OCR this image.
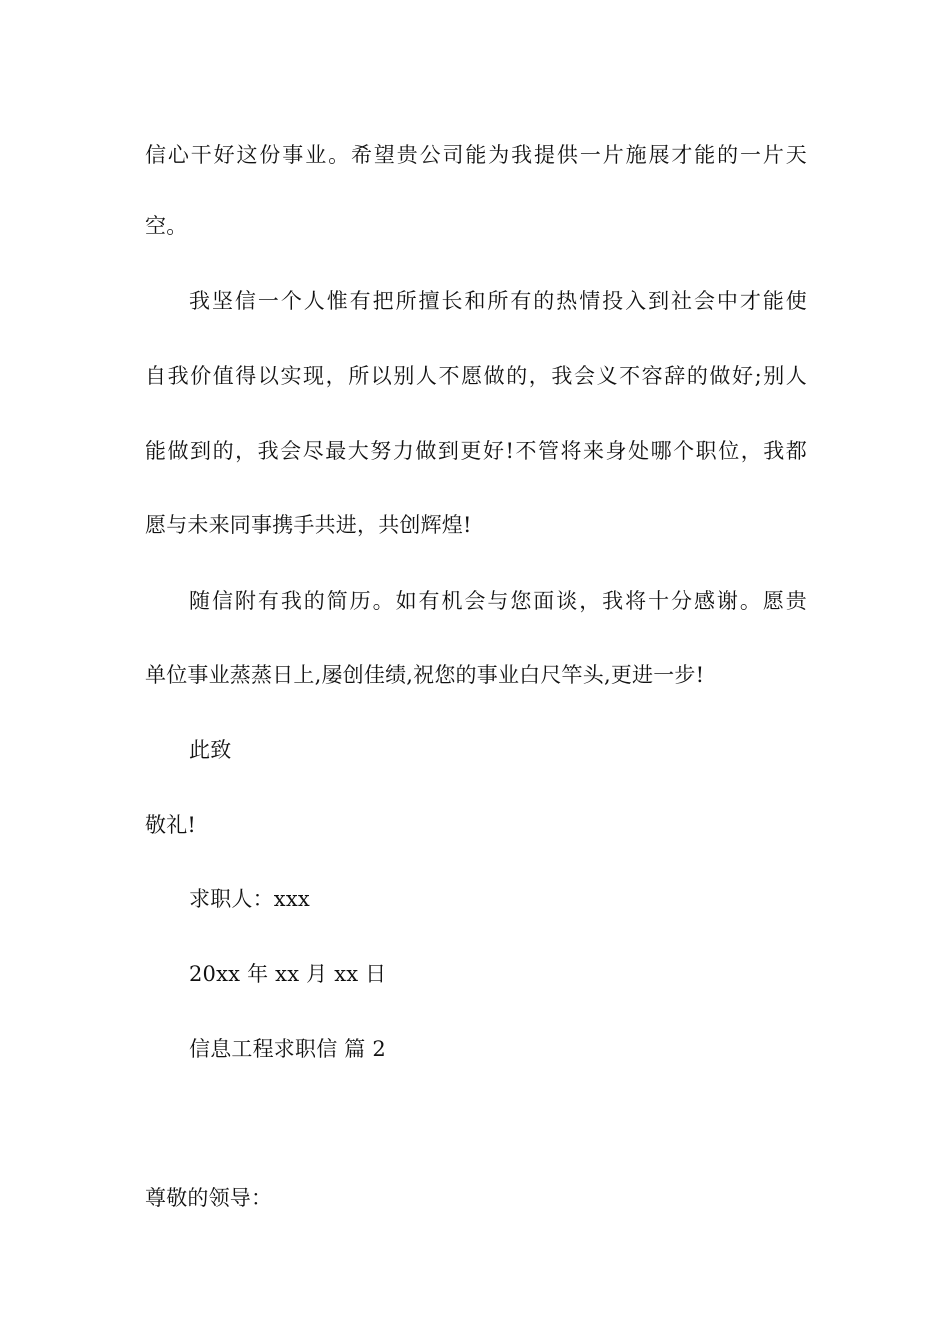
信心干好这份事业。希望贵公司能为我提供一片施展才能的一片天
空。
我坚信一个人惟有把所擅长和所有的热情投入到社会中才能使
自我价值得以实现，所以别人不愿做的，我会义不容辞的做好;别人
能做到的，我会尽最大努力做到更好!不管将来身处哪个职位，我都
愿与未来同事携手共进，共创辉煌!
随信附有我的简历。如有机会与您面谈，我将十分感谢。愿贵
单位事业蒸蒸日上,屡创佳绩,祝您的事业白尺竿头,更进一步!
此致
敬礼!
求职人：xxx
20xx 年 xx 月 xx 日
信息工程求职信 篇 2
尊敬的领导：
